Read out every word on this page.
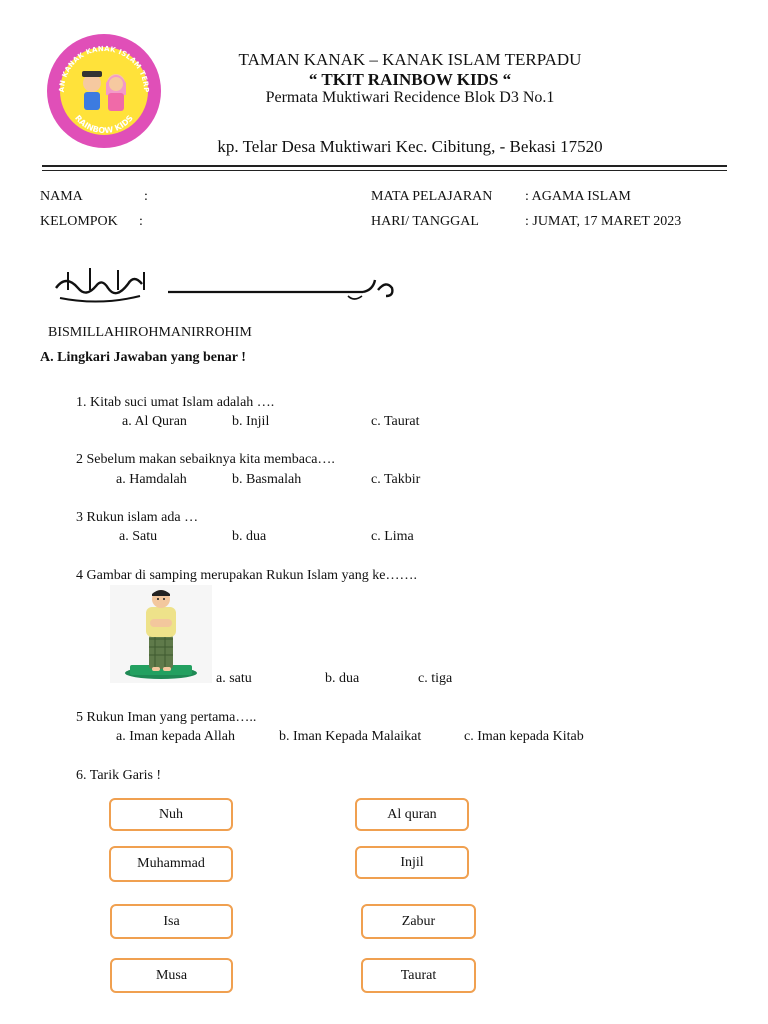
AN KANAK KANAK ISLAM TERP
RAINBOW KIDS
TAMAN KANAK – KANAK ISLAM TERPADU
“ TKIT RAINBOW KIDS “
Permata Muktiwari Recidence Blok D3 No.1
kp. Telar Desa Muktiwari Kec. Cibitung, - Bekasi 17520
NAMA	:
KELOMPOK :
MATA PELAJARAN : AGAMA ISLAM
HARI/ TANGGAL	: JUMAT, 17 MARET 2023
BISMILLAHIROHMANIRROHIM
A. Lingkari Jawaban yang benar !
1. Kitab suci umat Islam adalah ….
a. Al Quran	b. Injil	c. Taurat
2 Sebelum makan sebaiknya kita membaca….
a. Hamdalah	b. Basmalah	c. Takbir
3 Rukun islam ada …
a. Satu	b. dua	c. Lima
4 Gambar di samping merupakan Rukun Islam yang ke…….
a. satu	b. dua	c. tiga
5 Rukun Iman yang pertama…..
a. Iman kepada Allah	b. Iman Kepada Malaikat	c. Iman kepada Kitab
6. Tarik Garis !
Nuh
Muhammad
Isa
Musa
Al quran
Injil
Zabur
Taurat
